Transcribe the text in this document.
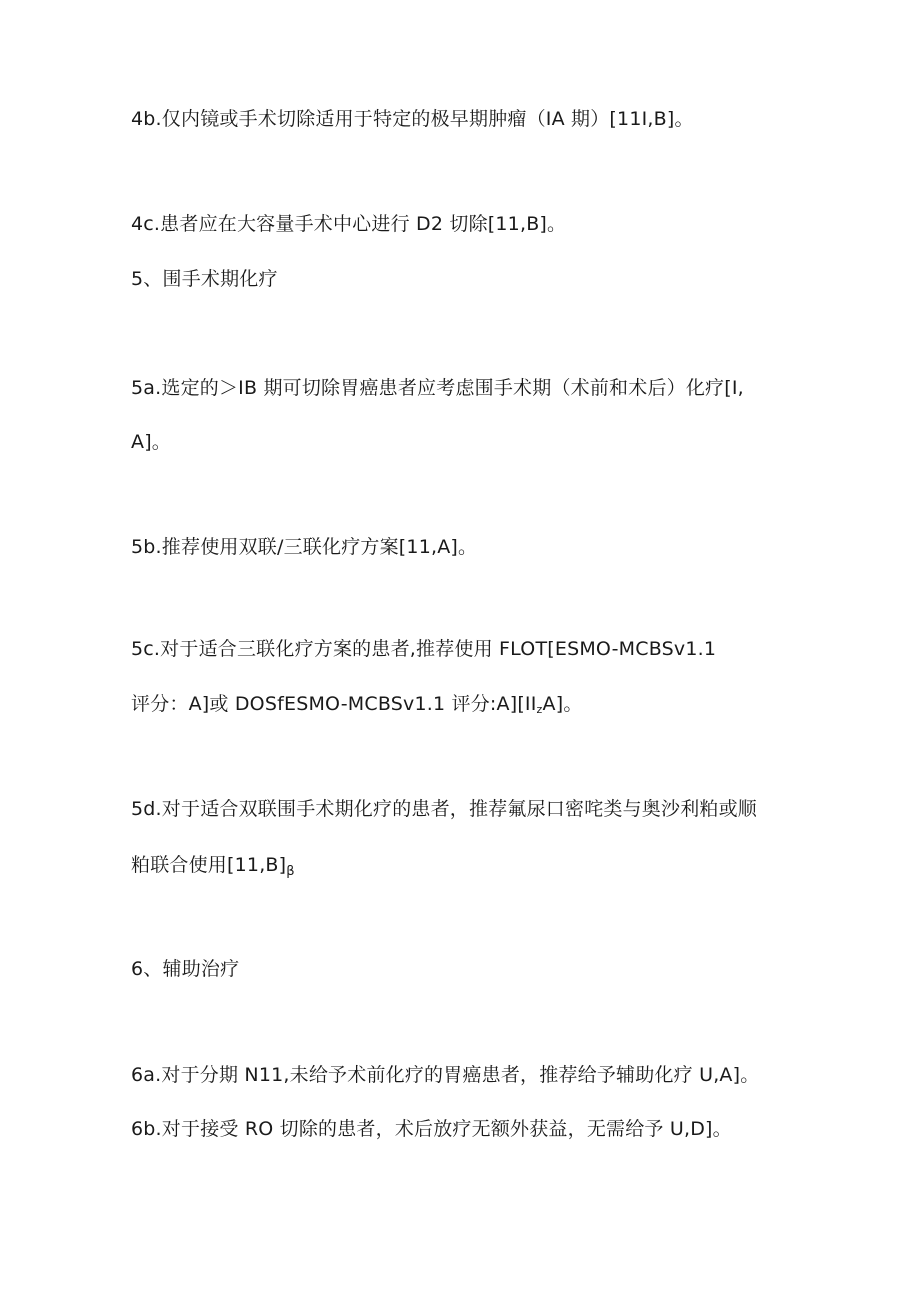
4b.仅内镜或手术切除适用于特定的极早期肿瘤（IA 期）[11I,B]。
4c.患者应在大容量手术中心进行 D2 切除[11,B]。
5、围手术期化疗
5a.选定的＞IB 期可切除胃癌患者应考虑围手术期（术前和术后）化疗[I,
A]。
5b.推荐使用双联/三联化疗方案[11,A]。
5c.对于适合三联化疗方案的患者,推荐使用 FLOT[ESMO-MCBSv1.1
评分：A]或 DOSfESMO-MCBSv1.1 评分$:A][II_zA]$。
5d.对于适合双联围手术期化疗的患者，推荐氟尿口密咤类与奥沙利粕或顺
粕联合使用$[11,B]_\beta$
6、辅助治疗
6a.对于分期 N11,未给予术前化疗的胃癌患者，推荐给予辅助化疗 U,A]。
6b.对于接受 RO 切除的患者，术后放疗无额外获益，无需给予 U,D]。
